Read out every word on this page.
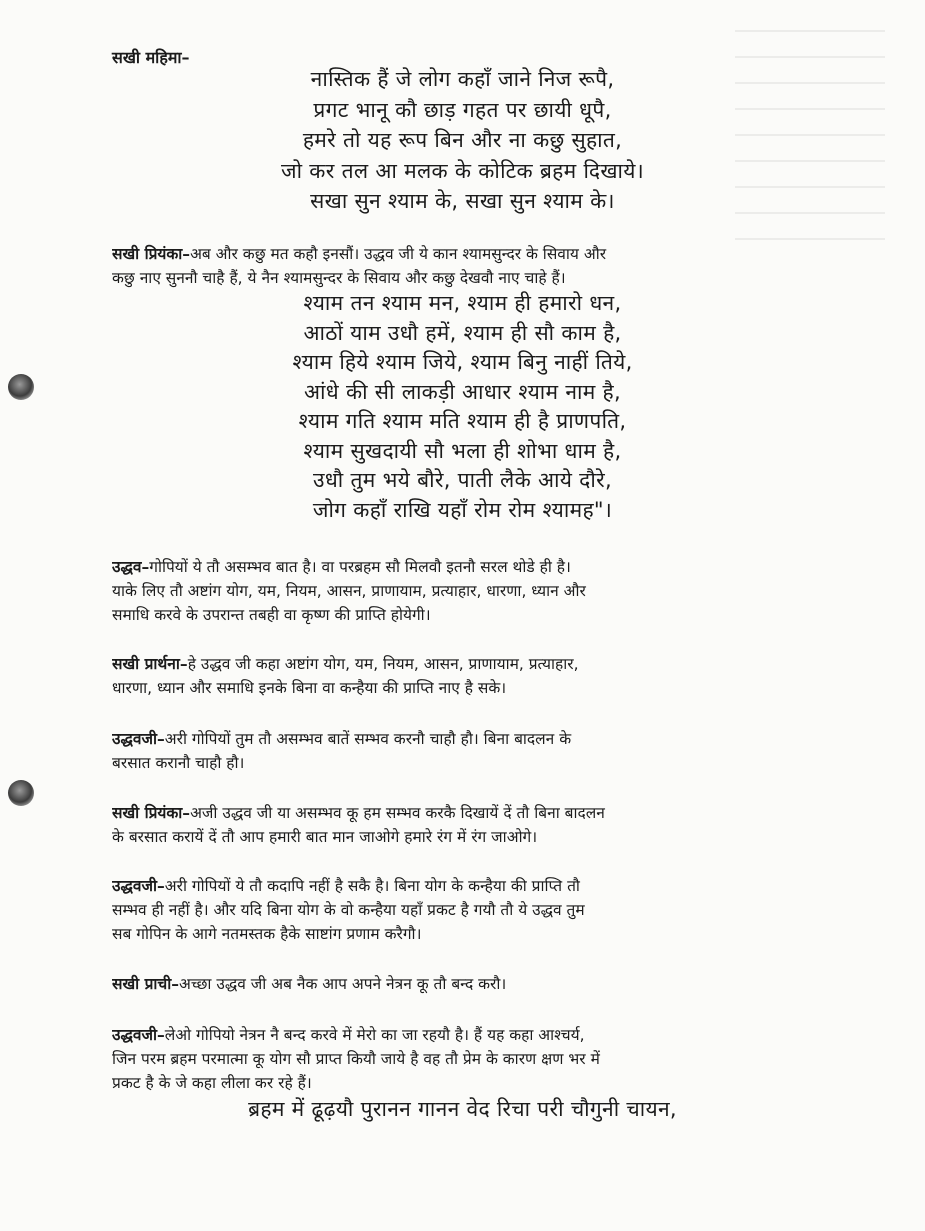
सखी महिमा–
नास्तिक हैं जे लोग कहाँ जाने निज रूपै,
प्रगट भानू कौ छाड़ गहत पर छायी धूपै,
हमरे तो यह रूप बिन और ना कछु सुहात,
जो कर तल आ मलक के कोटिक ब्रहम दिखाये।
सखा सुन श्याम के, सखा सुन श्याम के।

सखी प्रियंका–अब और कछु मत कहौ इनसौं। उद्धव जी ये कान श्यामसुन्दर के सिवाय और
कछु नाए सुननौ चाहै हैं, ये नैन श्यामसुन्दर के सिवाय और कछु देखवौ नाए चाहे हैं।

श्याम तन श्याम मन, श्याम ही हमारो धन,
आठों याम उधौ हमें, श्याम ही सौ काम है,
श्याम हिये श्याम जिये, श्याम बिनु नाहीं तिये,
आंधे की सी लाकड़ी आधार श्याम नाम है,
श्याम गति श्याम मति श्याम ही है प्राणपति,
श्याम सुखदायी सौ भला ही शोभा धाम है,
उधौ तुम भये बौरे, पाती लैके आये दौरे,
जोग कहाँ राखि यहाँ रोम रोम श्यामह"।

उद्धव–गोपियों ये तौ असम्भव बात है। वा परब्रहम सौ मिलवौ इतनौ सरल थोडे ही है।
याके लिए तौ अष्टांग योग, यम, नियम, आसन, प्राणायाम, प्रत्याहार, धारणा, ध्यान और
समाधि करवे के उपरान्त तबही वा कृष्ण की प्राप्ति होयेगी।

सखी प्रार्थना–हे उद्धव जी कहा अष्टांग योग, यम, नियम, आसन, प्राणायाम, प्रत्याहार,
धारणा, ध्यान और समाधि इनके बिना वा कन्हैया की प्राप्ति नाए है सके।

उद्धवजी–अरी गोपियों तुम तौ असम्भव बातें सम्भव करनौ चाहौ हौ। बिना बादलन के
बरसात करानौ चाहौ हौ।

सखी प्रियंका–अजी उद्धव जी या असम्भव कू हम सम्भव करकै दिखायें दें तौ बिना बादलन
के बरसात करायें दें तौ आप हमारी बात मान जाओगे हमारे रंग में रंग जाओगे।

उद्धवजी–अरी गोपियों ये तौ कदापि नहीं है सकै है। बिना योग के कन्हैया की प्राप्ति तौ
सम्भव ही नहीं है। और यदि बिना योग के वो कन्हैया यहाँ प्रकट है गयौ तौ ये उद्धव तुम
सब गोपिन के आगे नतमस्तक हैके साष्टांग प्रणाम करैगौ।

सखी प्राची–अच्छा उद्धव जी अब नैक आप अपने नेत्रन कू तौ बन्द करौ।

उद्धवजी–लेओ गोपियो नेत्रन नै बन्द करवे में मेरो का जा रहयौ है। हैं यह कहा आश्चर्य,
जिन परम ब्रहम परमात्मा कू योग सौ प्राप्त कियौ जाये है वह तौ प्रेम के कारण क्षण भर में
प्रकट है के जे कहा लीला कर रहे हैं।

ब्रहम में ढूढ़यौ पुरानन गानन वेद रिचा परी चौगुनी चायन,
